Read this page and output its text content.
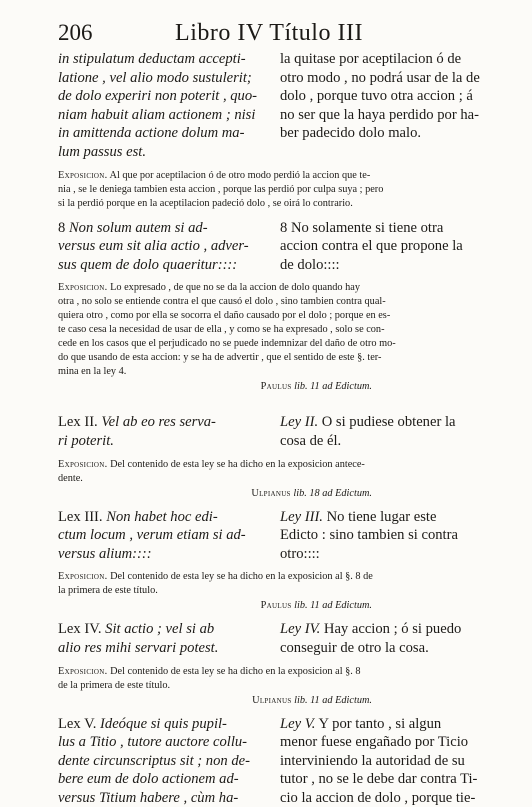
206	Libro IV Título III
in stipulatum deductam accepti-
latione , vel alio modo sustulerit;
de dolo experiri non poterit , quo-
niam habuit aliam actionem ; nisi
in amittenda actione dolum ma-
lum passus est.
la quitase por aceptilacion ó de
otro modo , no podrá usar de la de
dolo , porque tuvo otra accion ; á
no ser que la haya perdido por ha-
ber padecido dolo malo.
Exposicion. Al que por aceptilacion ó de otro modo perdió la accion que te-
nia , se le deniega tambien esta accion , porque las perdió por culpa suya ; pero
si la perdió porque en la aceptilacion padeció dolo , se oirá lo contrario.
8 Non solum autem si ad-
versus eum sit alia actio , adver-
sus quem de dolo quaeritur::::
8 No solamente si tiene otra
accion contra el que propone la
de dolo::::
Exposicion. Lo expresado , de que no se da la accion de dolo quando hay
otra , no solo se entiende contra el que causó el dolo , sino tambien contra qual-
quiera otro , como por ella se socorra el daño causado por el dolo ; porque en es-
te caso cesa la necesidad de usar de ella , y como se ha expresado , solo se con-
cede en los casos que el perjudicado no se puede indemnizar del daño de otro mo-
do que usando de esta accion: y se ha de advertir , que el sentido de este §. ter-
mina en la ley 4.
Paulus lib. 11 ad Edictum.
Lex II. Vel ab eo res serva-
ri poterit.
Ley II. O si pudiese obtener la
cosa de él.
Exposicion. Del contenido de esta ley se ha dicho en la exposicion antece-
dente.
Ulpianus lib. 18 ad Edictum.
Lex III. Non habet hoc edi-
ctum locum , verum etiam si ad-
versus alium::::
Ley III. No tiene lugar este
Edicto : sino tambien si contra
otro::::
Exposicion. Del contenido de esta ley se ha dicho en la exposicion al §. 8 de
la primera de este título.
Paulus lib. 11 ad Edictum.
Lex IV. Sit actio ; vel si ab
alio res mihi servari potest.
Ley IV. Hay accion ; ó si puedo
conseguir de otro la cosa.
Exposicion. Del contenido de esta ley se ha dicho en la exposicion al §. 8
de la primera de este título.
Ulpianus lib. 11 ad Edictum.
Lex V. Ideóque si quis pupil-
lus a Titio , tutore auctore collu-
dente circunscriptus sit ; non de-
bere eum de dolo actionem ad-
versus Titium habere , cùm ha-
Ley V. Y por tanto , si algun
menor fuese engañado por Ticio
interviniendo la autoridad de su
tutor , no se le debe dar contra Ti-
cio la accion de dolo , porque tie-
